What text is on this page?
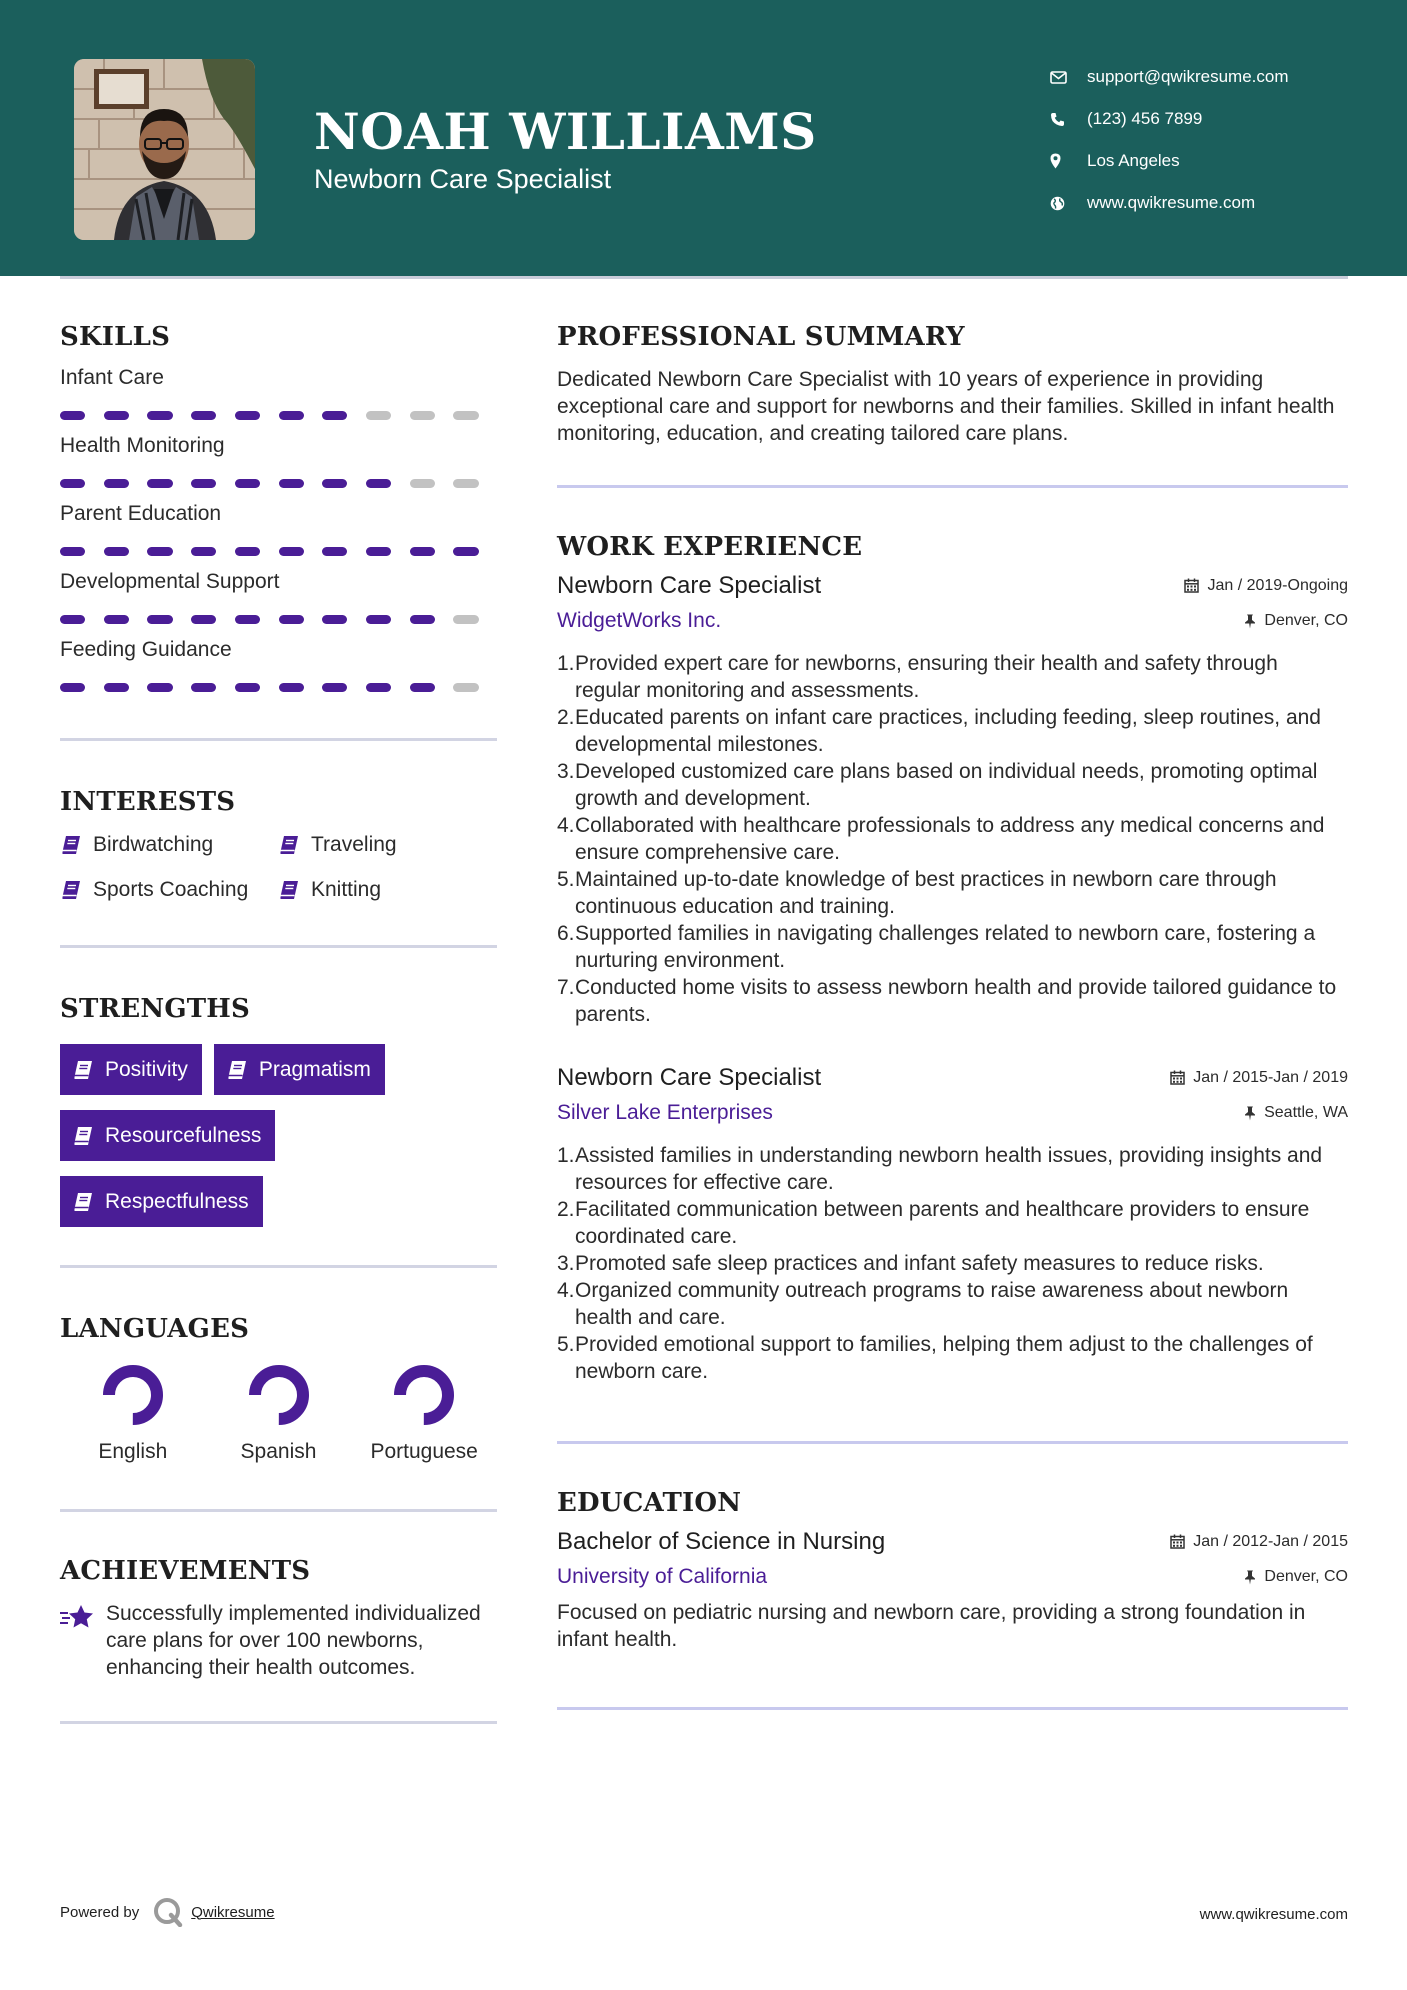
NOAH WILLIAMS
Newborn Care Specialist
support@qwikresume.com
(123) 456 7899
Los Angeles
www.qwikresume.com
SKILLS
Infant Care
Health Monitoring
Parent Education
Developmental Support
Feeding Guidance
INTERESTS
Birdwatching	Traveling
Sports Coaching	Knitting
STRENGTHS
Positivity	Pragmatism
Resourcefulness
Respectfulness
LANGUAGES
English	Spanish	Portuguese
ACHIEVEMENTS
Successfully implemented individualized care plans for over 100 newborns, enhancing their health outcomes.
PROFESSIONAL SUMMARY
Dedicated Newborn Care Specialist with 10 years of experience in providing exceptional care and support for newborns and their families. Skilled in infant health monitoring, education, and creating tailored care plans.
WORK EXPERIENCE
Newborn Care Specialist	Jan / 2019-Ongoing
WidgetWorks Inc.	Denver, CO
1. Provided expert care for newborns, ensuring their health and safety through regular monitoring and assessments.
2. Educated parents on infant care practices, including feeding, sleep routines, and developmental milestones.
3. Developed customized care plans based on individual needs, promoting optimal growth and development.
4. Collaborated with healthcare professionals to address any medical concerns and ensure comprehensive care.
5. Maintained up-to-date knowledge of best practices in newborn care through continuous education and training.
6. Supported families in navigating challenges related to newborn care, fostering a nurturing environment.
7. Conducted home visits to assess newborn health and provide tailored guidance to parents.
Newborn Care Specialist	Jan / 2015-Jan / 2019
Silver Lake Enterprises	Seattle, WA
1. Assisted families in understanding newborn health issues, providing insights and resources for effective care.
2. Facilitated communication between parents and healthcare providers to ensure coordinated care.
3. Promoted safe sleep practices and infant safety measures to reduce risks.
4. Organized community outreach programs to raise awareness about newborn health and care.
5. Provided emotional support to families, helping them adjust to the challenges of newborn care.
EDUCATION
Bachelor of Science in Nursing	Jan / 2012-Jan / 2015
University of California	Denver, CO
Focused on pediatric nursing and newborn care, providing a strong foundation in infant health.
Powered by	Qwikresume	www.qwikresume.com
